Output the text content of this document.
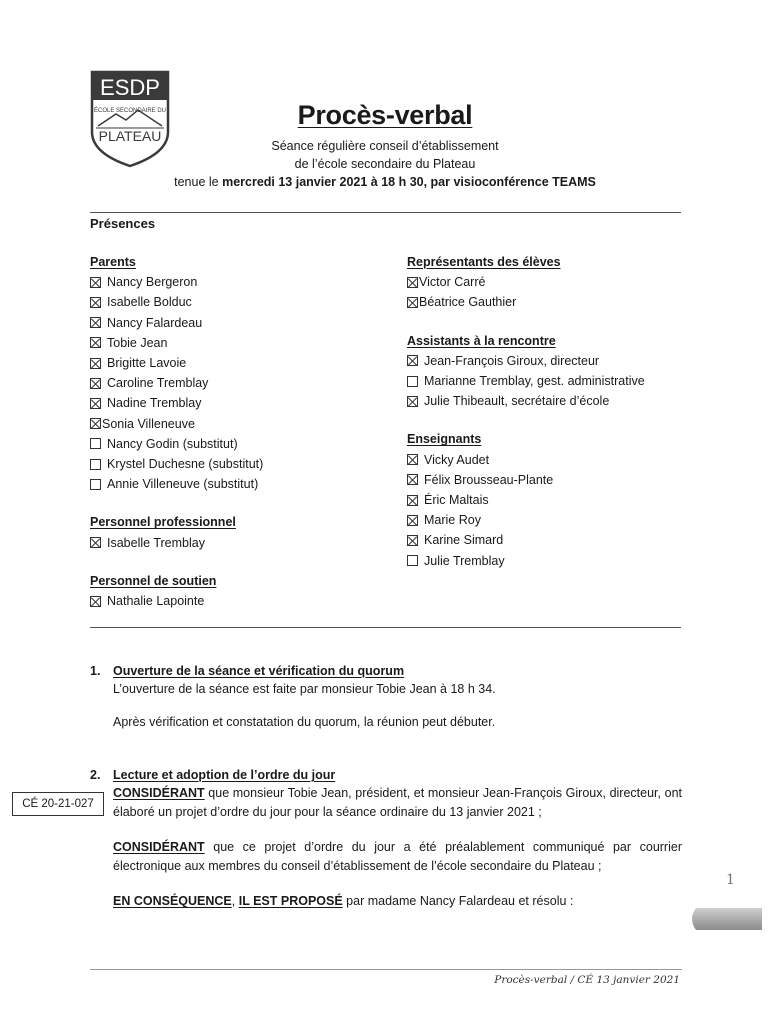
ESDP
ÉCOLE SECONDAIRE DU
PLATEAU
Procès-verbal
Séance régulière conseil d’établissement
de l’école secondaire du Plateau
tenue le mercredi 13 janvier 2021 à 18 h 30, par visioconférence TEAMS
Présences
Parents
Nancy Bergeron
Isabelle Bolduc
Nancy Falardeau
Tobie Jean
Brigitte Lavoie
Caroline Tremblay
Nadine Tremblay
Sonia Villeneuve
Nancy Godin (substitut)
Krystel Duchesne (substitut)
Annie Villeneuve (substitut)
Personnel professionnel
Isabelle Tremblay
Personnel de soutien
Nathalie Lapointe
Représentants des élèves
Victor Carré
Béatrice Gauthier
Assistants à la rencontre
Jean-François Giroux, directeur
Marianne Tremblay, gest. administrative
Julie Thibeault, secrétaire d’école
Enseignants
Vicky Audet
Félix Brousseau-Plante
Éric Maltais
Marie Roy
Karine Simard
Julie Tremblay
1.	Ouverture de la séance et vérification du quorum

L’ouverture de la séance est faite par monsieur Tobie Jean à 18 h 34.

Après vérification et constatation du quorum, la réunion peut débuter.

CÉ 20-21-027
2.	Lecture et adoption de l’ordre du jour

CONSIDÉRANT que monsieur Tobie Jean, président, et monsieur Jean-François Giroux, directeur, ont élaboré un projet d’ordre du jour pour la séance ordinaire du 13 janvier 2021 ;

CONSIDÉRANT que ce projet d’ordre du jour a été préalablement communiqué par courrier électronique aux membres du conseil d’établissement de l’école secondaire du Plateau ;

EN CONSÉQUENCE, IL EST PROPOSÉ par madame Nancy Falardeau et résolu :

1
Procès-verbal / CÉ 13 janvier 2021
